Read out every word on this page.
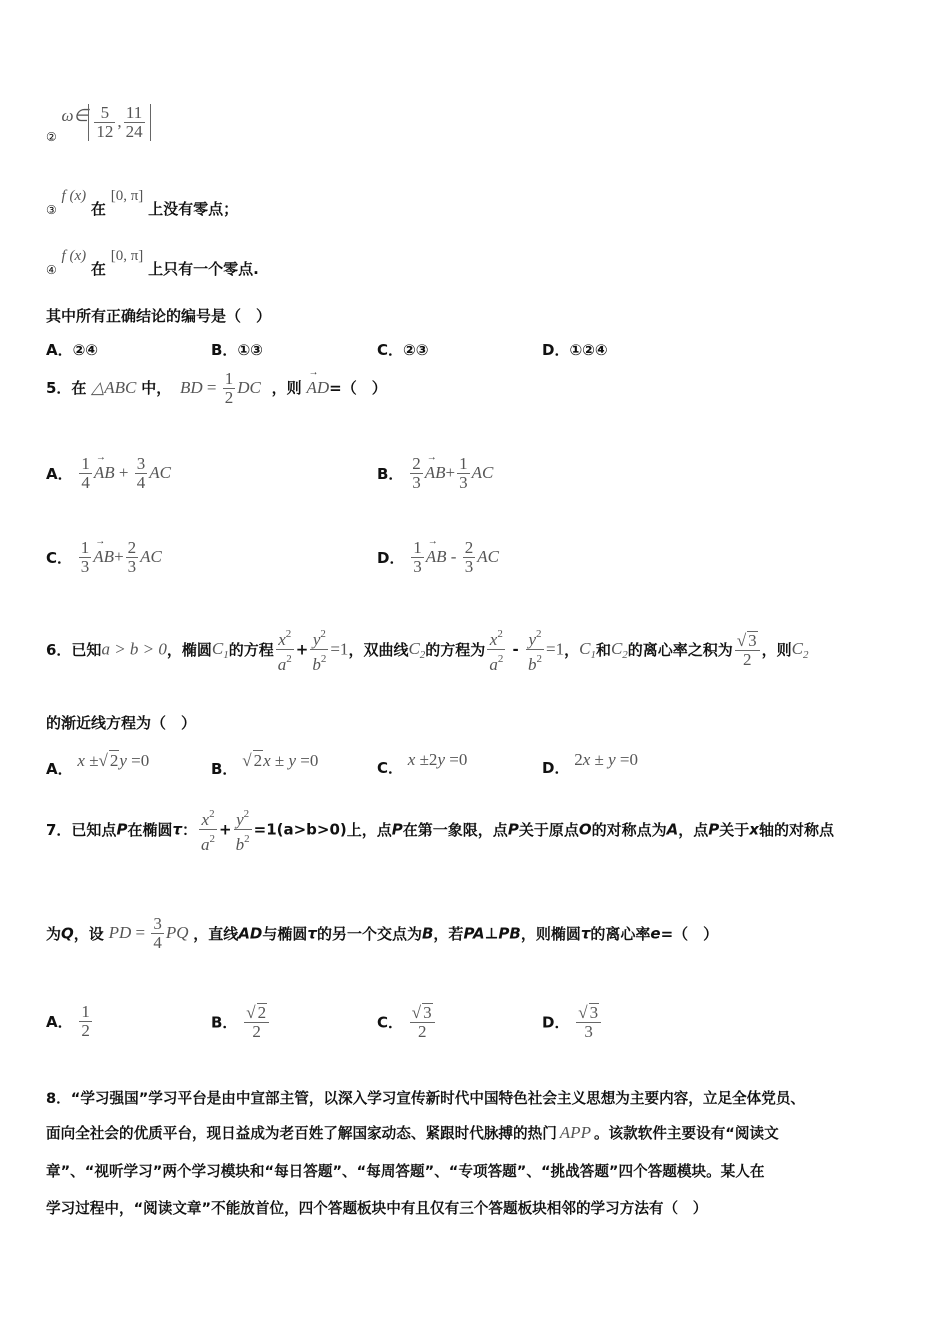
$_②$ ω∈ $\frac{5}{12}$ , $\frac{11}{24}$
$_③$ f (x) 在 [0, π] 上没有零点；
$_④$ f (x) 在 [0, π] 上只有一个零点.
其中所有正确结论的编号是（　）
A．②④	B．①③	C．②③	D．①②④
5．在 △ABC 中， BD = $\frac{1}{2}$ DC ，则 → AD=（　）
A． $\frac{1}{4}$
→ AB + $\frac{3}{4}$ AC	B． $\frac{2}{3}$
→ $AB+ \frac{1}{3}$ AC
C． $\frac{1}{3}$
→ $AB+ \frac{2}{3}$ AC	D． $\frac{1}{3}$
→ AB - $\frac{2}{3}$ AC
6．已知a > b > 0，椭圆$C_1$的方程 $\frac{x^2}{a^2} + \frac{y^2}{b^2} =1$，双曲线$C_2$的方程为 $\frac{x^2}{a^2} - \frac{y^2}{b^2} =1$，$C_1$和$C_2$的离心率之积为 $\frac{√ 3}{2}$ ，则$C_2$
的渐近线方程为（　）
A． x ±√ 2y =0	B． √ 2x ± y =0	C． x ±2y =0	D． 2x ± y =0
7．已知点P在椭圆τ： $\frac{x^2}{a^2} + \frac{y^2}{b^2} =1(a>b>0)$上，点P在第一象限，点P关于原点O的对称点为A，点P关于x轴的对称点
为Q，设 PD = $\frac{3}{4}$ PQ ，直线AD与椭圆τ的另一个交点为B，若PA⊥PB，则椭圆τ的离心率e=（　）
A． $\frac{1}{2}$	B． $\frac{√ 2}{2}$	C． $\frac{√ 3}{2}$	D． $\frac{√ 3}{3}$
8．“学习强国”学习平台是由中宣部主管，以深入学习宣传新时代中国特色社会主义思想为主要内容，立足全体党员、
面向全社会的优质平台，现日益成为老百姓了解国家动态、紧跟时代脉搏的热门 APP 。该款软件主要设有“阅读文
章”、“视听学习”两个学习模块和“每日答题”、“每周答题”、“专项答题”、“挑战答题”四个答题模块。某人在
学习过程中，“阅读文章”不能放首位，四个答题板块中有且仅有三个答题板块相邻的学习方法有（　）
